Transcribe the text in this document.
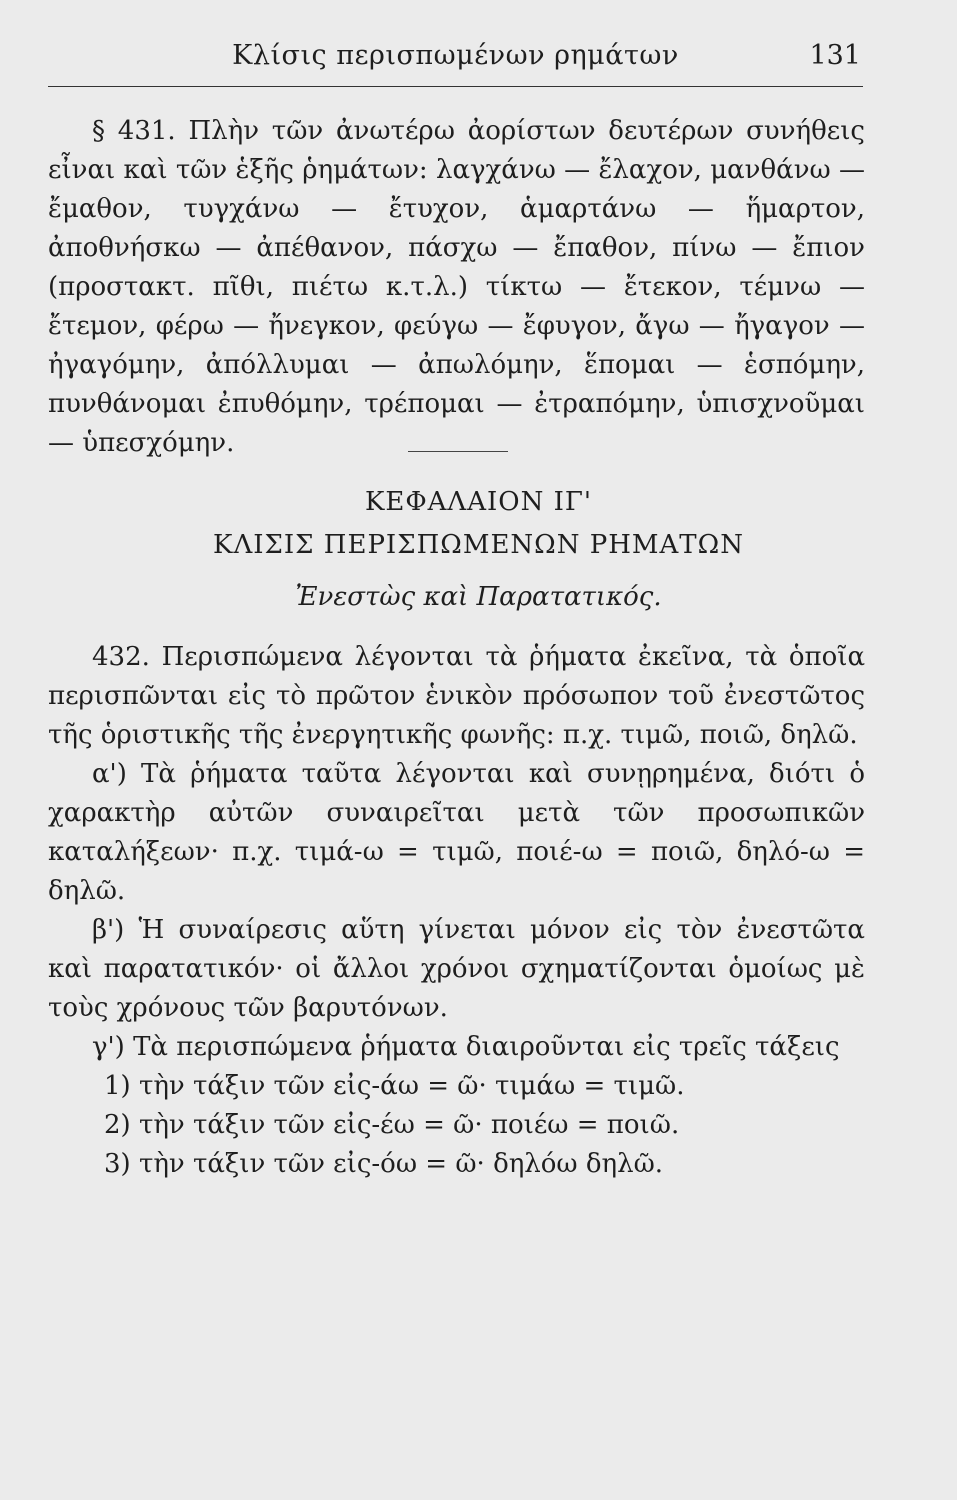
Κλίσις περισπωμένων ρημάτων	131

§ 431. Πλὴν τῶν ἀνωτέρω ἀορίστων δευτέρων συνήθεις εἶναι καὶ τῶν ἑξῆς ῥημάτων: λαγχάνω — ἔλαχον, μανθάνω — ἔμαθον, τυγχάνω — ἔτυχον, ἁμαρτάνω — ἥμαρτον, ἀποθνήσκω — ἀπέθανον, πάσχω — ἔπαθον, πίνω — ἔπιον (προστακτ. πῖθι, πιέτω κ.τ.λ.) τίκτω — ἔτεκον, τέμνω — ἔτεμον, φέρω — ἤνεγκον, φεύγω — ἔφυγον, ἄγω — ἤγαγον — ἠγαγόμην, ἀπόλλυμαι — ἀπωλόμην, ἕπομαι — ἑσπόμην, πυνθάνομαι ἐπυθόμην, τρέπομαι — ἐτραπόμην, ὑπισχνοῦμαι — ὑπεσχόμην.

ΚΕΦΑΛΑΙΟΝ ΙΓ'
ΚΛΙΣΙΣ ΠΕΡΙΣΠΩΜΕΝΩΝ ΡΗΜΑΤΩΝ
Ἐνεστὼς καὶ Παρατατικός.

432. Περισπώμενα λέγονται τὰ ῥήματα ἐκεῖνα, τὰ ὁποῖα περισπῶνται εἰς τὸ πρῶτον ἑνικὸν πρόσωπον τοῦ ἐνεστῶτος τῆς ὁριστικῆς τῆς ἐνεργητικῆς φωνῆς: π.χ. τιμῶ, ποιῶ, δηλῶ.

α') Τὰ ῥήματα ταῦτα λέγονται καὶ συνῃρημένα, διότι ὁ χαρακτὴρ αὐτῶν συναιρεῖται μετὰ τῶν προσωπικῶν καταλήξεων· π.χ. τιμά-ω = τιμῶ, ποιέ-ω = ποιῶ, δηλό-ω = δηλῶ.

β') Ἡ συναίρεσις αὕτη γίνεται μόνον εἰς τὸν ἐνεστῶτα καὶ παρατατικόν· οἱ ἄλλοι χρόνοι σχηματίζονται ὁμοίως μὲ τοὺς χρόνους τῶν βαρυτόνων.

γ') Τὰ περισπώμενα ῥήματα διαιροῦνται εἰς τρεῖς τάξεις

1) τὴν τάξιν τῶν εἰς-άω = ῶ· τιμάω = τιμῶ.

2) τὴν τάξιν τῶν εἰς-έω = ῶ· ποιέω = ποιῶ.

3) τὴν τάξιν τῶν εἰς-όω = ῶ· δηλόω δηλῶ.
